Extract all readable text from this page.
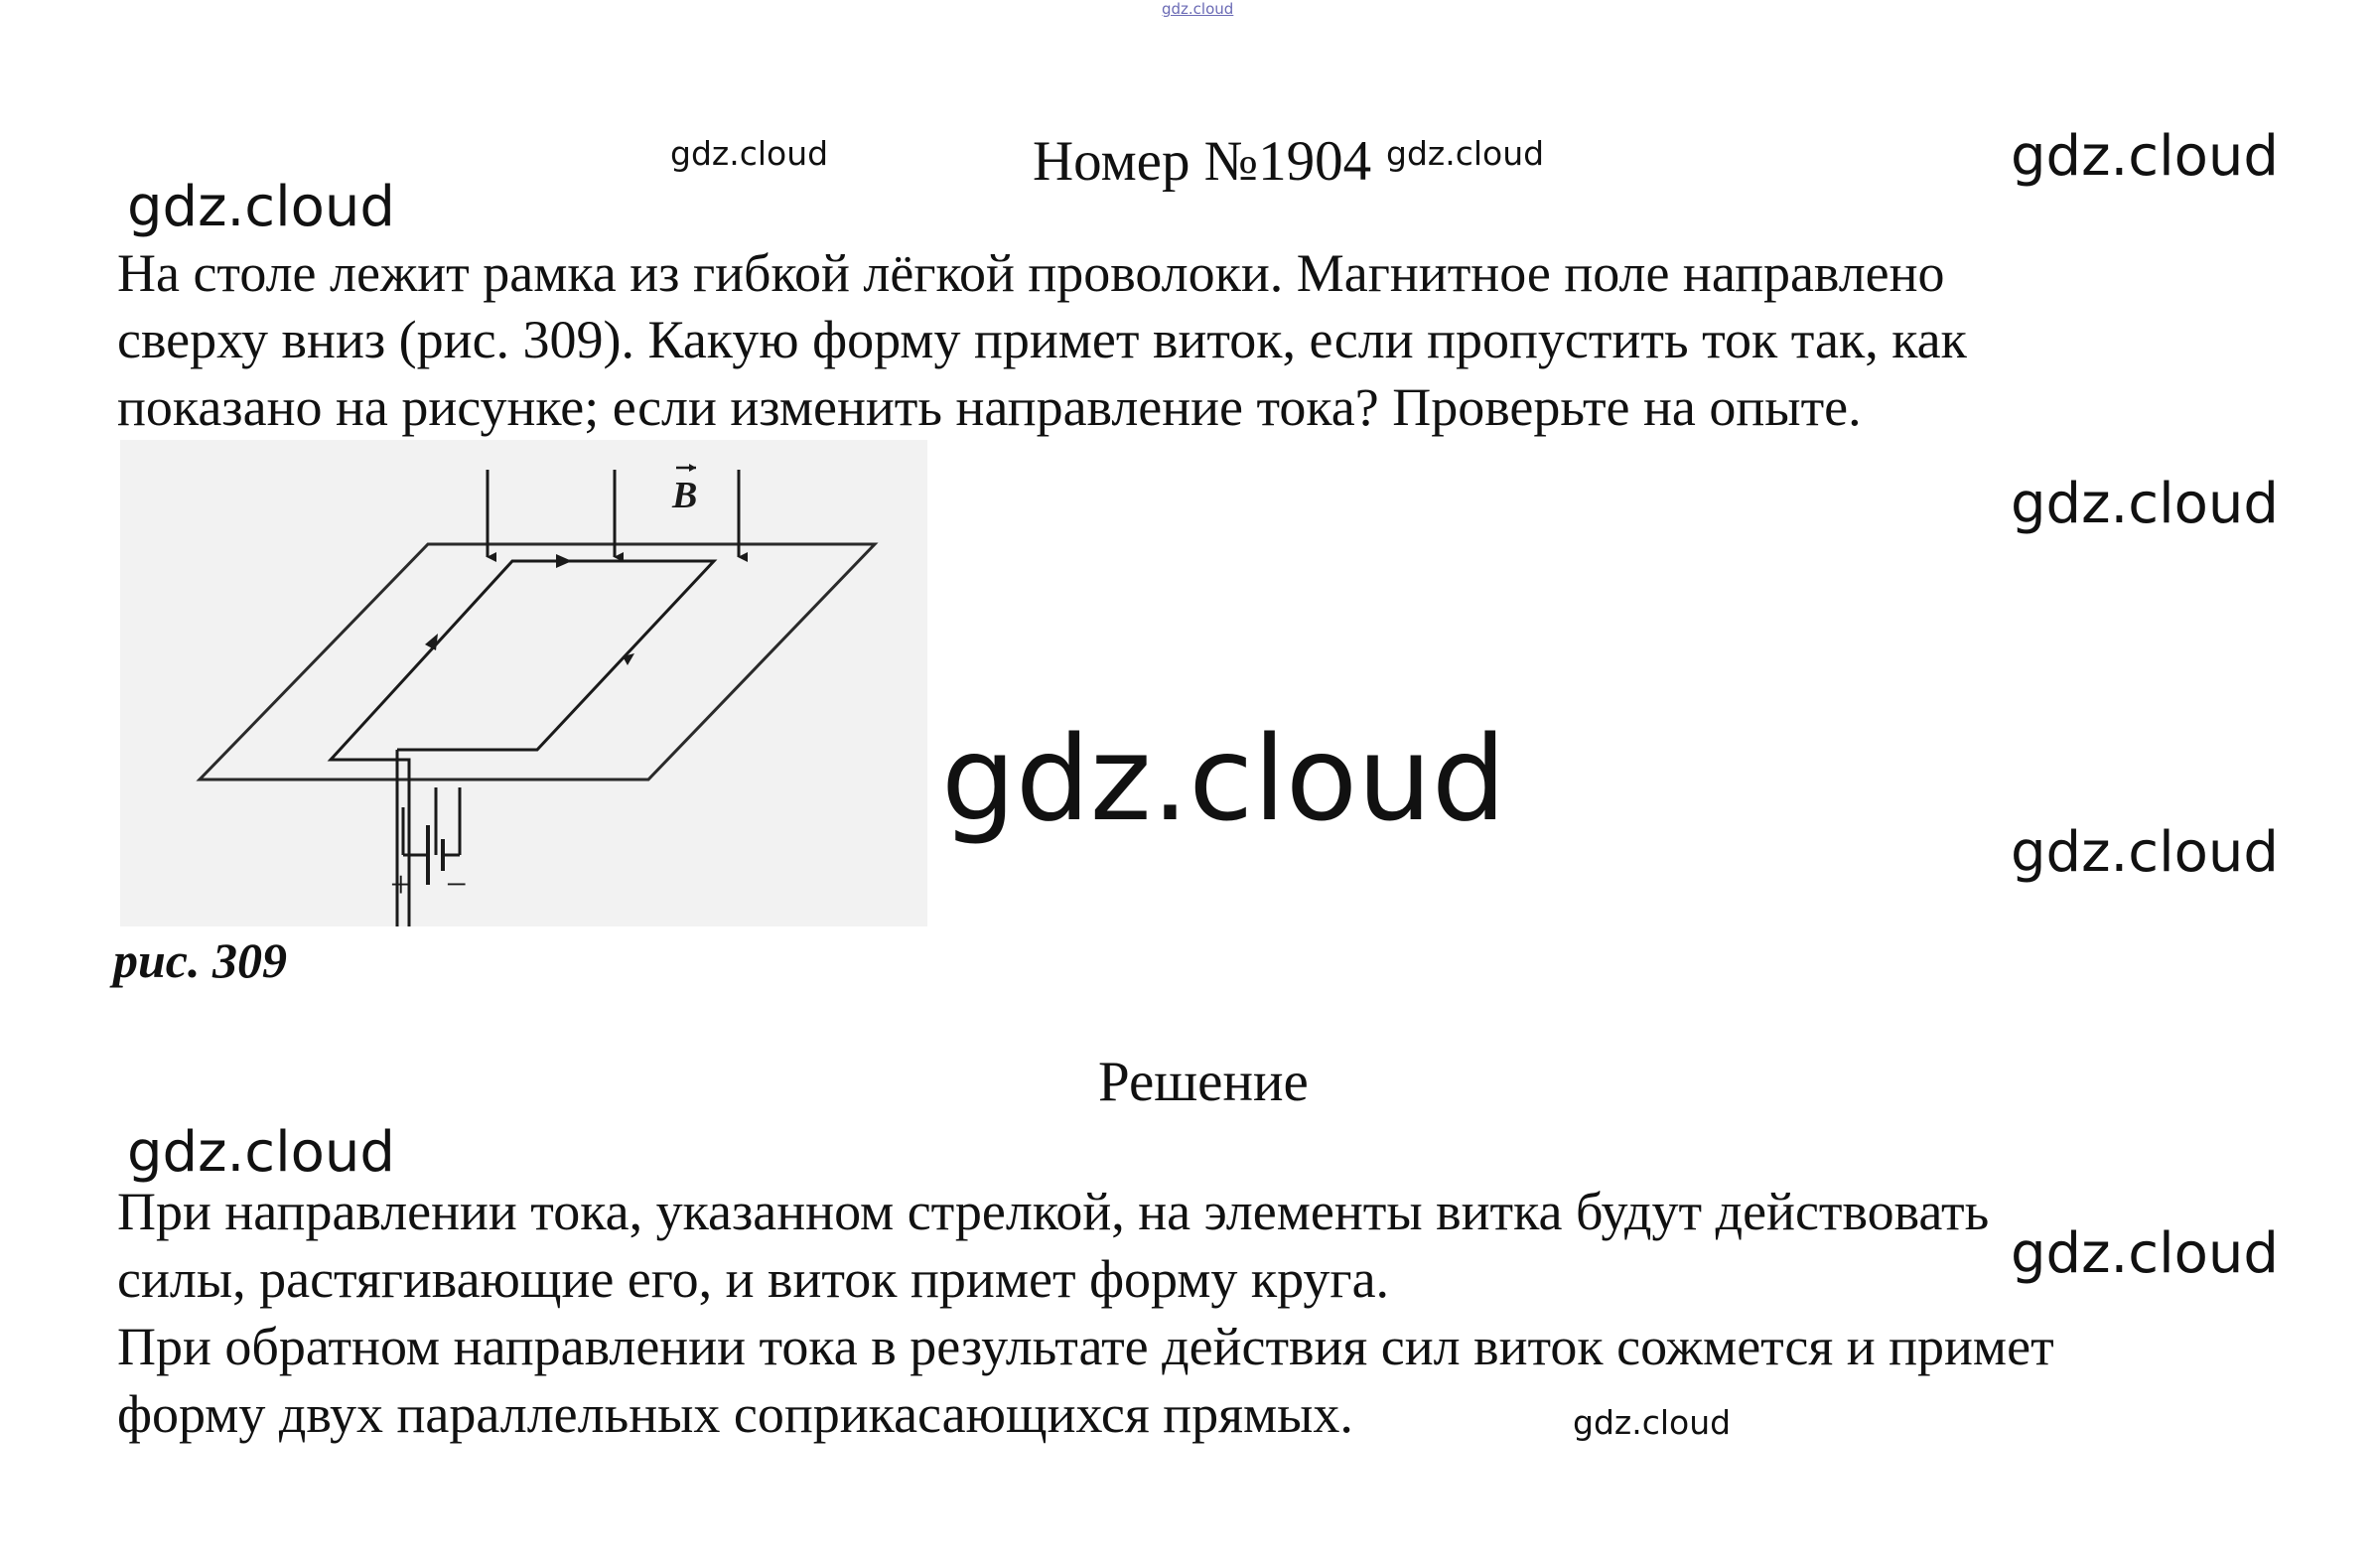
gdz.cloud
gdz.cloud	gdz.cloud	gdz.cloud
gdz.cloud
gdz.cloud
gdz.cloud
gdz.cloud
gdz.cloud
gdz.cloud
Номер №1904
На столе лежит рамка из гибкой лёгкой проволоки. Магнитное поле направлено
сверху вниз (рис. 309). Какую форму примет виток, если пропустить ток так, как
показано на рисунке; если изменить направление тока? Проверьте на опыте.
B
+ −
gdz.cloud
рис. 309
Решение
При направлении тока, указанном стрелкой, на элементы витка будут действовать
силы, растягивающие его, и виток примет форму круга.
При обратном направлении тока в результате действия сил виток сожмется и примет
форму двух параллельных соприкасающихся прямых.
